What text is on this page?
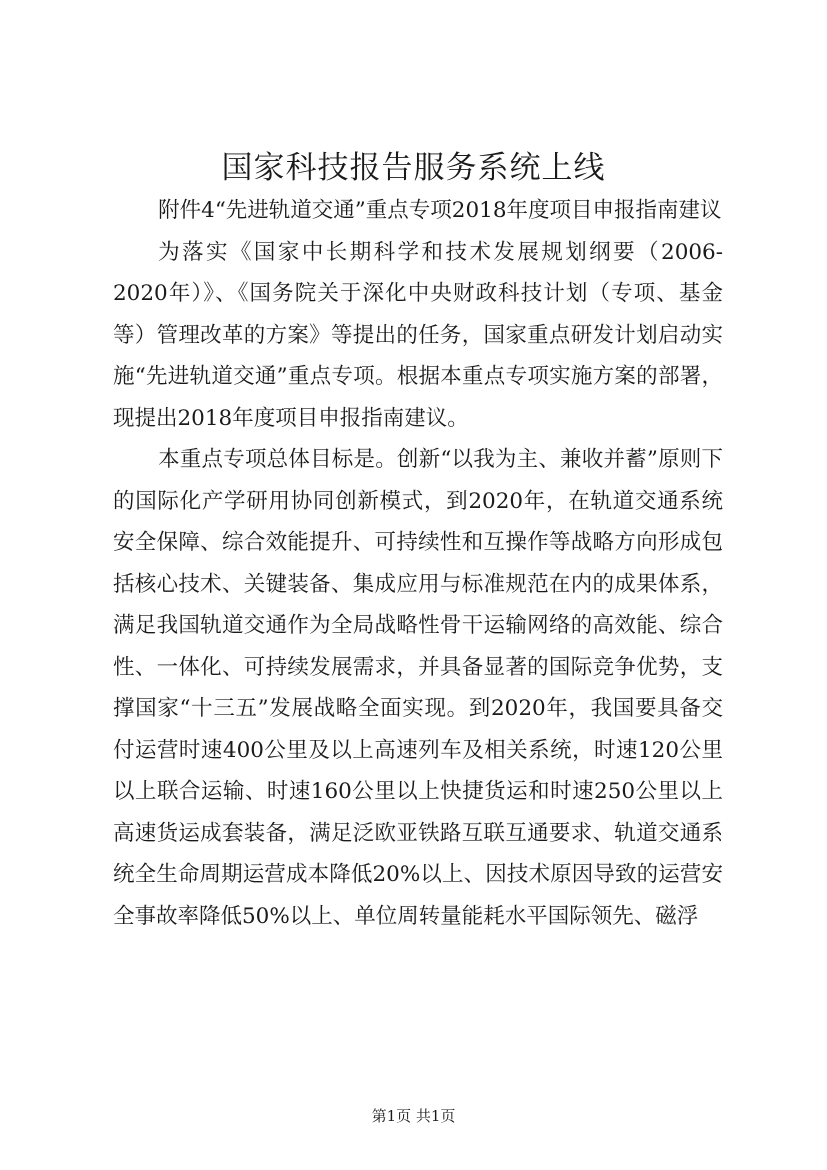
国家科技报告服务系统上线

附件4“先进轨道交通”重点专项2018年度项目申报指南建议

为落实《国家中长期科学和技术发展规划纲要（2006-2020年）》、《国务院关于深化中央财政科技计划（专项、基金等）管理改革的方案》等提出的任务，国家重点研发计划启动实施“先进轨道交通”重点专项。根据本重点专项实施方案的部署，现提出2018年度项目申报指南建议。

本重点专项总体目标是。创新“以我为主、兼收并蓄”原则下的国际化产学研用协同创新模式，到2020年，在轨道交通系统安全保障、综合效能提升、可持续性和互操作等战略方向形成包括核心技术、关键装备、集成应用与标准规范在内的成果体系，满足我国轨道交通作为全局战略性骨干运输网络的高效能、综合性、一体化、可持续发展需求，并具备显著的国际竞争优势，支撑国家“十三五”发展战略全面实现。到2020年，我国要具备交付运营时速400公里及以上高速列车及相关系统，时速120公里以上联合运输、时速160公里以上快捷货运和时速250公里以上高速货运成套装备，满足泛欧亚铁路互联互通要求、轨道交通系统全生命周期运营成本降低20%以上、因技术原因导致的运营安全事故率降低50%以上、单位周转量能耗水平国际领先、磁浮

第1页 共1页
